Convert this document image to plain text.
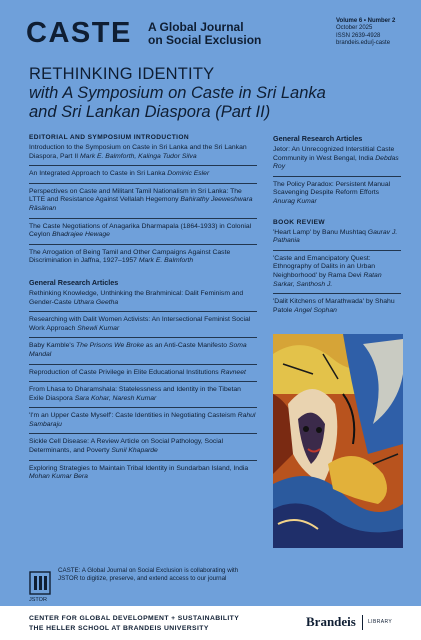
CASTE A Global Journal
on Social Exclusion
Volume 6 • Number 2
October 2025
ISSN 2639-4928
brandeis.edu/j-caste
RETHINKING IDENTITY
with A Symposium on Caste in Sri Lanka
and Sri Lankan Diaspora (Part II)
EDITORIAL AND SYMPOSIUM INTRODUCTION
Introduction to the Symposium on Caste in Sri Lanka and the Sri Lankan Diaspora, Part II Mark E. Balmforth, Kalinga Tudor Silva
An Integrated Approach to Caste in Sri Lanka Dominic Esler
Perspectives on Caste and Militant Tamil Nationalism in Sri Lanka: The LTTE and Resistance Against Vellalah Hegemony Bahirathy Jeeweshwara Räsänan
The Caste Negotiations of Anagarika Dharmapala (1864-1933) in Colonial Ceylon Bhadrajee Hewage
The Arrogation of Being Tamil and Other Campaigns Against Caste Discrimination in Jaffna, 1927–1957 Mark E. Balmforth
General Research Articles
Rethinking Knowledge, Unthinking the Brahminical: Dalit Feminism and Gender-Caste Uthara Geetha
Researching with Dalit Women Activists: An Intersectional Feminist Social Work Approach Shewli Kumar
Baby Kamble's The Prisons We Broke as an Anti-Caste Manifesto Soma Mandal
Reproduction of Caste Privilege in Elite Educational Institutions Ravneet
From Lhasa to Dharamshala: Statelessness and Identity in the Tibetan Exile Diaspora Sara Kohar, Naresh Kumar
'I'm an Upper Caste Myself': Caste Identities in Negotiating Casteism Rahul Sambaraju
Sickle Cell Disease: A Review Article on Social Pathology, Social Determinants, and Poverty Sunil Khaparde
Exploring Strategies to Maintain Tribal Identity in Sundarban Island, India Mohan Kumar Bera
General Research Articles
Jetor: An Unrecognized Interstitial Caste Community in West Bengal, India Debdas Roy
The Policy Paradox: Persistent Manual Scavenging Despite Reform Efforts Anurag Kumar
BOOK REVIEW
'Heart Lamp' by Banu Mushtaq Gaurav J. Pathania
'Caste and Emancipatory Quest: Ethnography of Dalits in an Urban Neighborhood' by Rama Devi Ratan Sarkar, Santhosh J.
'Dalit Kitchens of Marathwada' by Shahu Patole Angel Sophan
JSTOR
CASTE: A Global Journal on Social Exclusion is collaborating with JSTOR to digitize, preserve, and extend access to our journal
CENTER FOR GLOBAL DEVELOPMENT + SUSTAINABILITY
THE HELLER SCHOOL AT BRANDEIS UNIVERSITY	Brandeis LIBRARY
